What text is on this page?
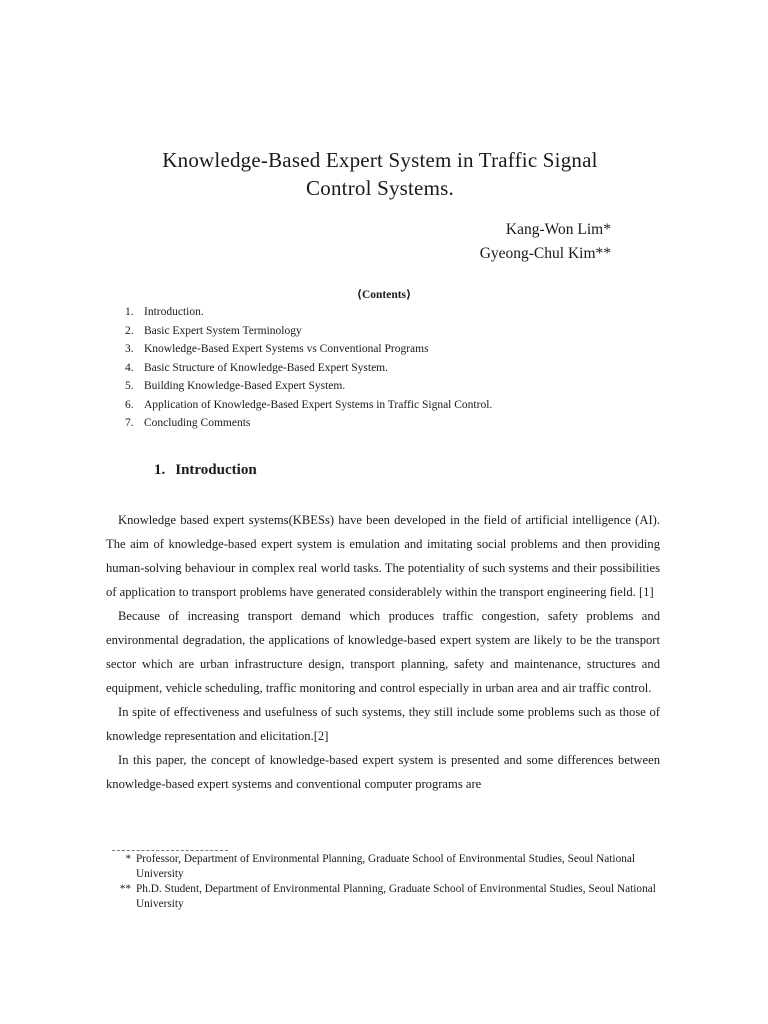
Knowledge-Based Expert System in Traffic Signal
Control Systems.
Kang-Won Lim*
Gyeong-Chul Kim**
⟨Contents⟩
1. Introduction.
2. Basic Expert System Terminology
3. Knowledge-Based Expert Systems vs Conventional Programs
4. Basic Structure of Knowledge-Based Expert System.
5. Building Knowledge-Based Expert System.
6. Application of Knowledge-Based Expert Systems in Traffic Signal Control.
7. Concluding Comments
1. Introduction

Knowledge based expert systems(KBESs) have been developed in the field of artificial intelligence (AI). The aim of knowledge-based expert system is emulation and imitating social problems and then providing human-solving behaviour in complex real world tasks. The potentiality of such systems and their possibilities of application to transport problems have generated considerablely within the transport engineering field. [1]

Because of increasing transport demand which produces traffic congestion, safety problems and environmental degradation, the applications of knowledge-based expert system are likely to be the transport sector which are urban infrastructure design, transport planning, safety and maintenance, structures and equipment, vehicle scheduling, traffic monitoring and control especially in urban area and air traffic control.

In spite of effectiveness and usefulness of such systems, they still include some problems such as those of knowledge representation and elicitation.[2]

In this paper, the concept of knowledge-based expert system is presented and some differences between knowledge-based expert systems and conventional computer programs are

* Professor, Department of Environmental Planning, Graduate School of Environmental Studies, Seoul National University
** Ph.D. Student, Department of Environmental Planning, Graduate School of Environmental Studies, Seoul National University
